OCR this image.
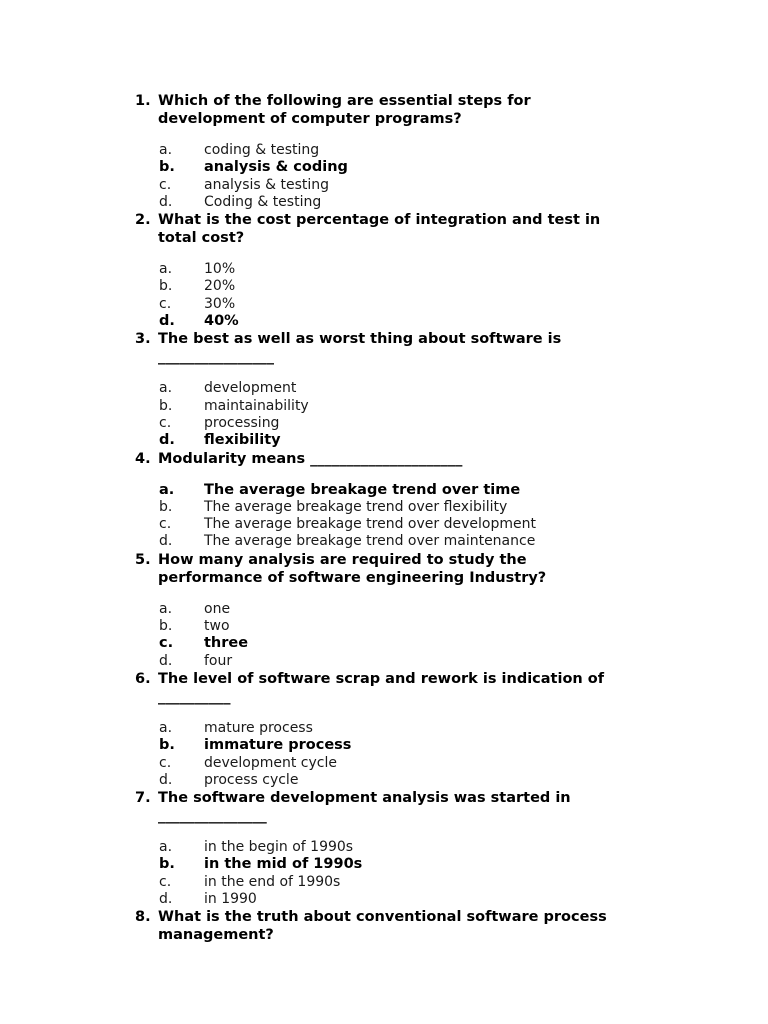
1. Which of the following are essential steps for development of computer programs?
a.	coding & testing
b.	analysis & coding
c.	analysis & testing
d.	Coding & testing
2. What is the cost percentage of integration and test in total cost?
a.	10%
b.	20%
c.	30%
d.	40%
3. The best as well as worst thing about software is ________________
a.	development
b.	maintainability
c.	processing
d.	flexibility
4. Modularity means _____________________
a.	The average breakage trend over time
b.	The average breakage trend over flexibility
c.	The average breakage trend over development
d.	The average breakage trend over maintenance
5. How many analysis are required to study the performance of software engineering Industry?
a.	one
b.	two
c.	three
d.	four
6. The level of software scrap and rework is indication of __________
a.	mature process
b.	immature process
c.	development cycle
d.	process cycle
7. The software development analysis was started in _______________
a.	in the begin of 1990s
b.	in the mid of 1990s
c.	in the end of 1990s
d.	in 1990
8. What is the truth about conventional software process management?
